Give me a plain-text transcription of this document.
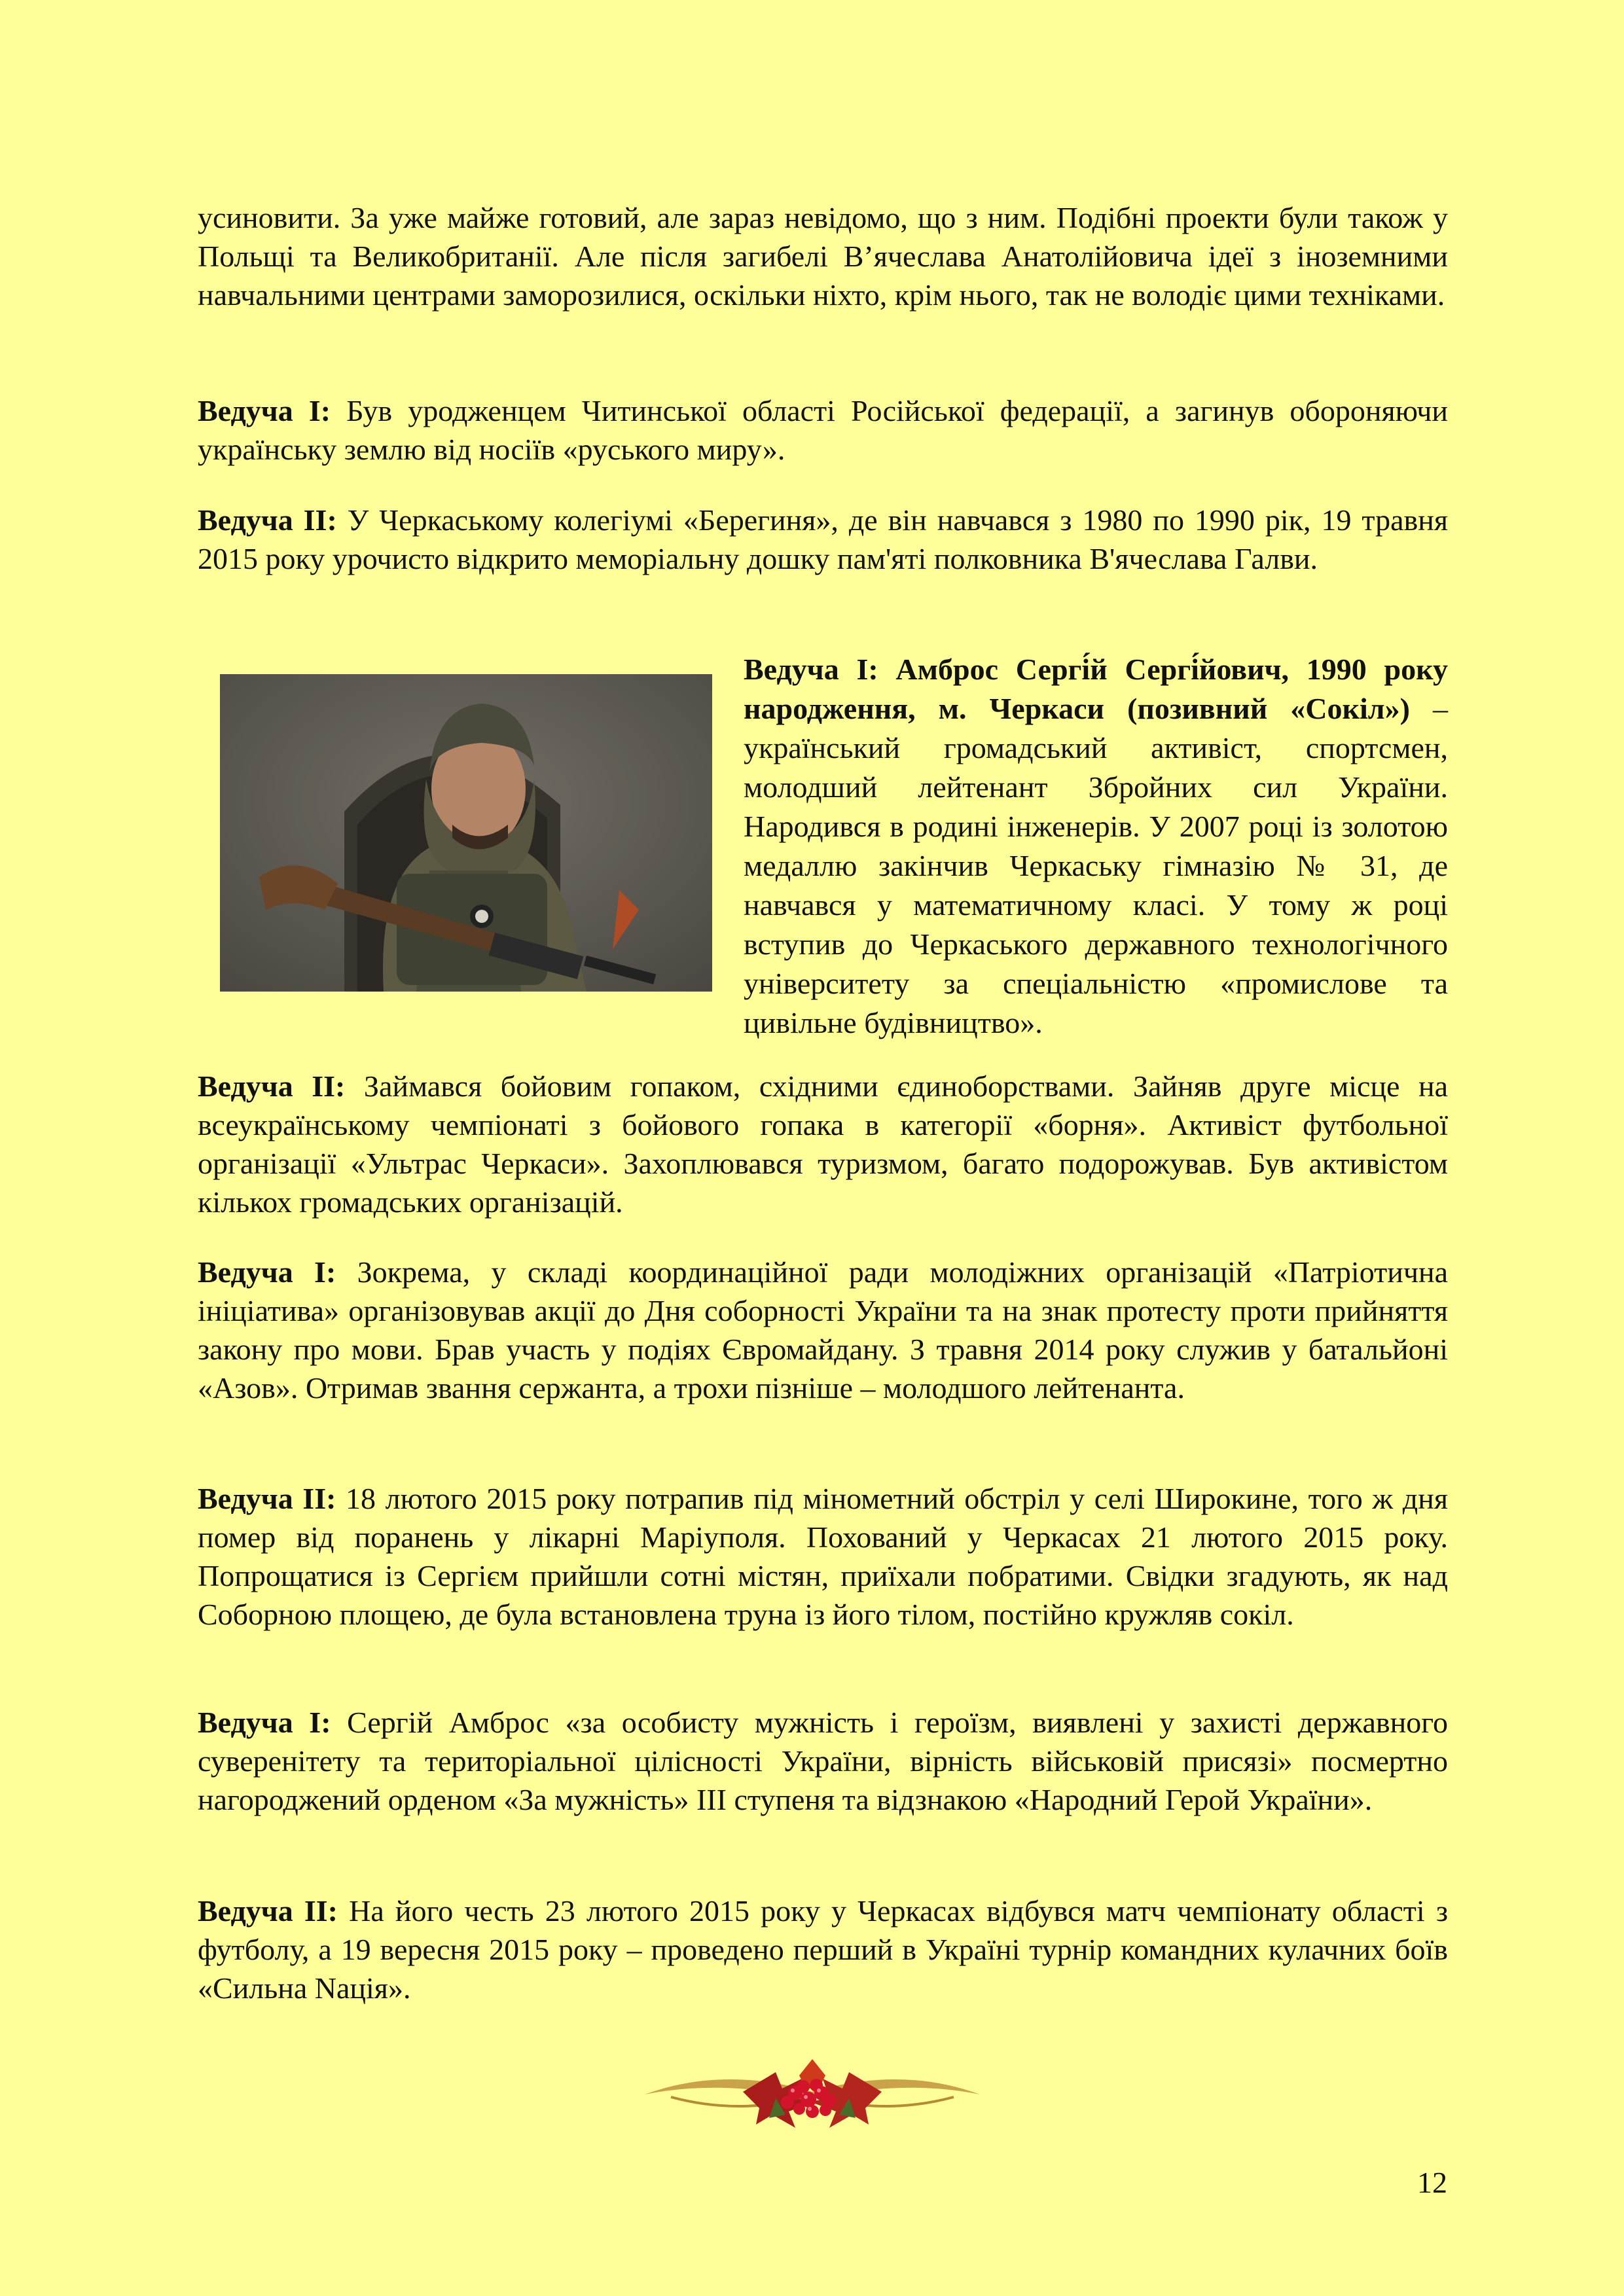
усиновити. За уже майже готовий, але зараз невідомо, що з ним. Подібні проекти були також у Польщі та Великобританії. Але після загибелі В’ячеслава Анатолійовича ідеї з іноземними навчальними центрами заморозилися, оскільки ніхто, крім нього, так не володіє цими техніками.

Ведуча І: Був уродженцем Читинської області Російської федерації, а загинув обороняючи українську землю від носіїв «руського миру».

Ведуча ІІ: У Черкаському колегіумі «Берегиня», де він навчався з 1980 по 1990 рік, 19 травня 2015 року урочисто відкрито меморіальну дошку пам'яті полковника В'ячеслава Галви.

Ведуча І: Амброс Сергі́й Сергі́йович, 1990 року народження, м. Черкаси (позивний «Сокіл») – український громадський активіст, спортсмен, молодший лейтенант Збройних сил України. Народився в родині інженерів. У 2007 році із золотою медаллю закінчив Черкаську гімназію № 31, де навчався у математичному класі. У тому ж році вступив до Черкаського державного технологічного університету за спеціальністю «промислове та цивільне будівництво».

Ведуча ІІ: Займався бойовим гопаком, східними єдиноборствами. Зайняв друге місце на всеукраїнському чемпіонаті з бойового гопака в категорії «борня». Активіст футбольної організації «Ультрас Черкаси». Захоплювався туризмом, багато подорожував. Був активістом кількох громадських організацій.

Ведуча І: Зокрема, у складі координаційної ради молодіжних організацій «Патріотична ініціатива» організовував акції до Дня соборності України та на знак протесту проти прийняття закону про мови. Брав участь у подіях Євромайдану. З травня 2014 року служив у батальйоні «Азов». Отримав звання сержанта, а трохи пізніше – молодшого лейтенанта.

Ведуча ІІ: 18 лютого 2015 року потрапив під мінометний обстріл у селі Широкине, того ж дня помер від поранень у лікарні Маріуполя. Похований у Черкасах 21 лютого 2015 року. Попрощатися із Сергієм прийшли сотні містян, приїхали побратими. Свідки згадують, як над Соборною площею, де була встановлена труна із його тілом, постійно кружляв сокіл.

Ведуча І: Сергій Амброс «за особисту мужність і героїзм, виявлені у захисті державного суверенітету та територіальної цілісності України, вірність військовій присязі» посмертно нагороджений орденом «За мужність» ІІІ ступеня та відзнакою «Народний Герой України».

Ведуча ІІ: На його честь 23 лютого 2015 року у Черкасах відбувся матч чемпіонату області з футболу, а 19 вересня 2015 року – проведено перший в Україні турнір командних кулачних боїв «Сильна Nація».

12
